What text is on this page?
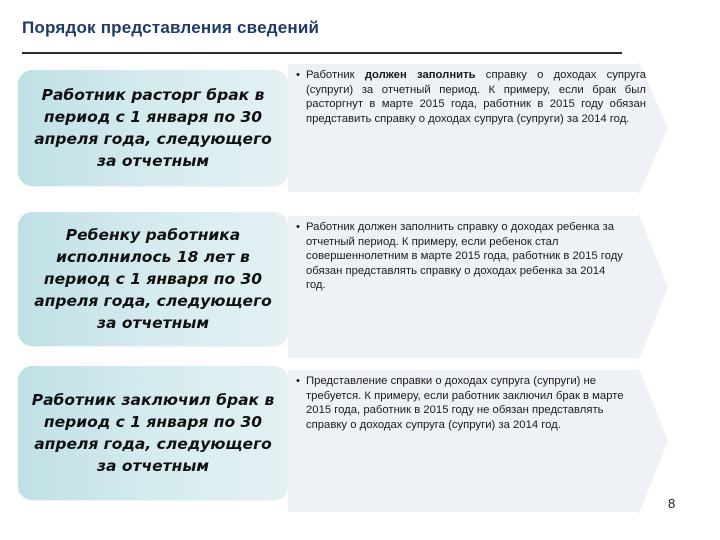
Порядок представления сведений
Работник расторг брак в период с 1 января по 30 апреля года, следующего за отчетным
• Работник должен заполнить справку о доходах супруга (супруги) за отчетный период. К примеру, если брак был расторгнут в марте 2015 года, работник в 2015 году обязан представить справку о доходах супруга (супруги) за 2014 год.
Ребенку работника исполнилось 18 лет в период с 1 января по 30 апреля года, следующего за отчетным
• Работник должен заполнить справку о доходах ребенка за отчетный период. К примеру, если ребенок стал совершеннолетним в марте 2015 года, работник в 2015 году обязан представлять справку о доходах ребенка за 2014 год.
Работник заключил брак в период с 1 января по 30 апреля года, следующего за отчетным
• Представление справки о доходах супруга (супруги) не требуется. К примеру, если работник заключил брак в марте 2015 года, работник в 2015 году не обязан представлять справку о доходах супруга (супруги) за 2014 год.
8
